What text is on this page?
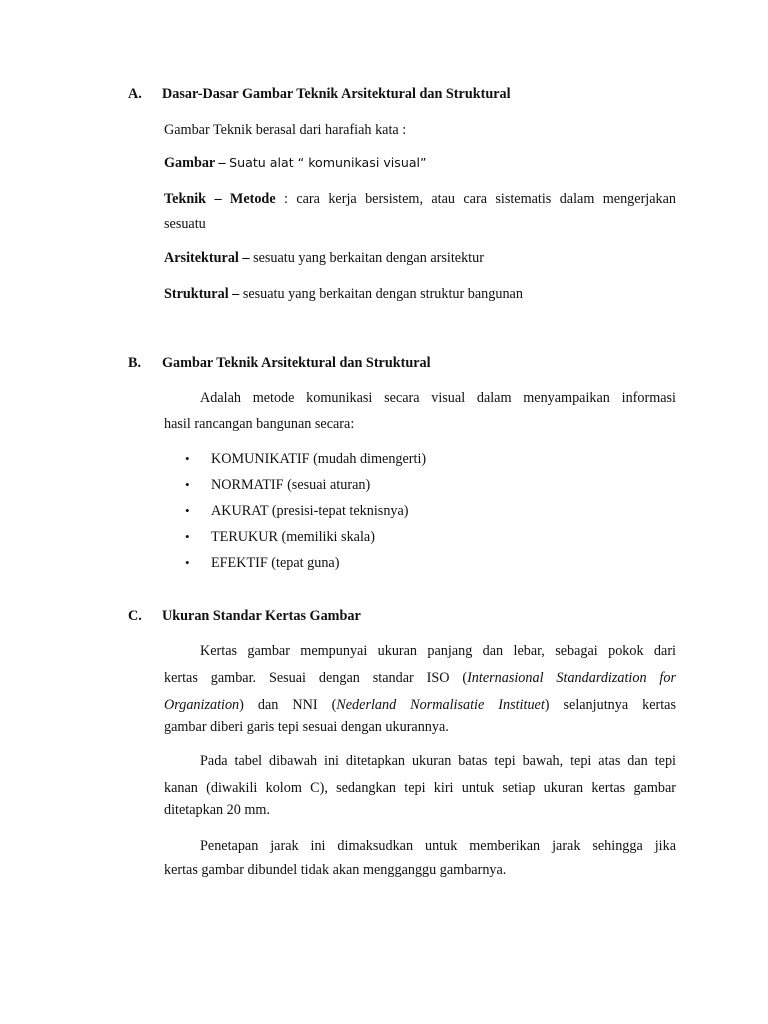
A. Dasar-Dasar Gambar Teknik Arsitektural dan Struktural
Gambar Teknik berasal dari harafiah kata :
Gambar – Suatu alat “ komunikasi visual”
Teknik – Metode : cara kerja bersistem, atau cara sistematis dalam mengerjakan
sesuatu
Arsitektural – sesuatu yang berkaitan dengan arsitektur
Struktural – sesuatu yang berkaitan dengan struktur bangunan
B. Gambar Teknik Arsitektural dan Struktural
Adalah metode komunikasi secara visual dalam menyampaikan informasi
hasil rancangan bangunan secara:
• KOMUNIKATIF (mudah dimengerti)
• NORMATIF (sesuai aturan)
• AKURAT (presisi-tepat teknisnya)
• TERUKUR (memiliki skala)
• EFEKTIF (tepat guna)
C. Ukuran Standar Kertas Gambar
Kertas gambar mempunyai ukuran panjang dan lebar, sebagai pokok dari
kertas gambar. Sesuai dengan standar ISO (Internasional Standardization for
Organization) dan NNI (Nederland Normalisatie Instituet) selanjutnya kertas
gambar diberi garis tepi sesuai dengan ukurannya.
Pada tabel dibawah ini ditetapkan ukuran batas tepi bawah, tepi atas dan tepi
kanan (diwakili kolom C), sedangkan tepi kiri untuk setiap ukuran kertas gambar
ditetapkan 20 mm.
Penetapan jarak ini dimaksudkan untuk memberikan jarak sehingga jika
kertas gambar dibundel tidak akan mengganggu gambarnya.
